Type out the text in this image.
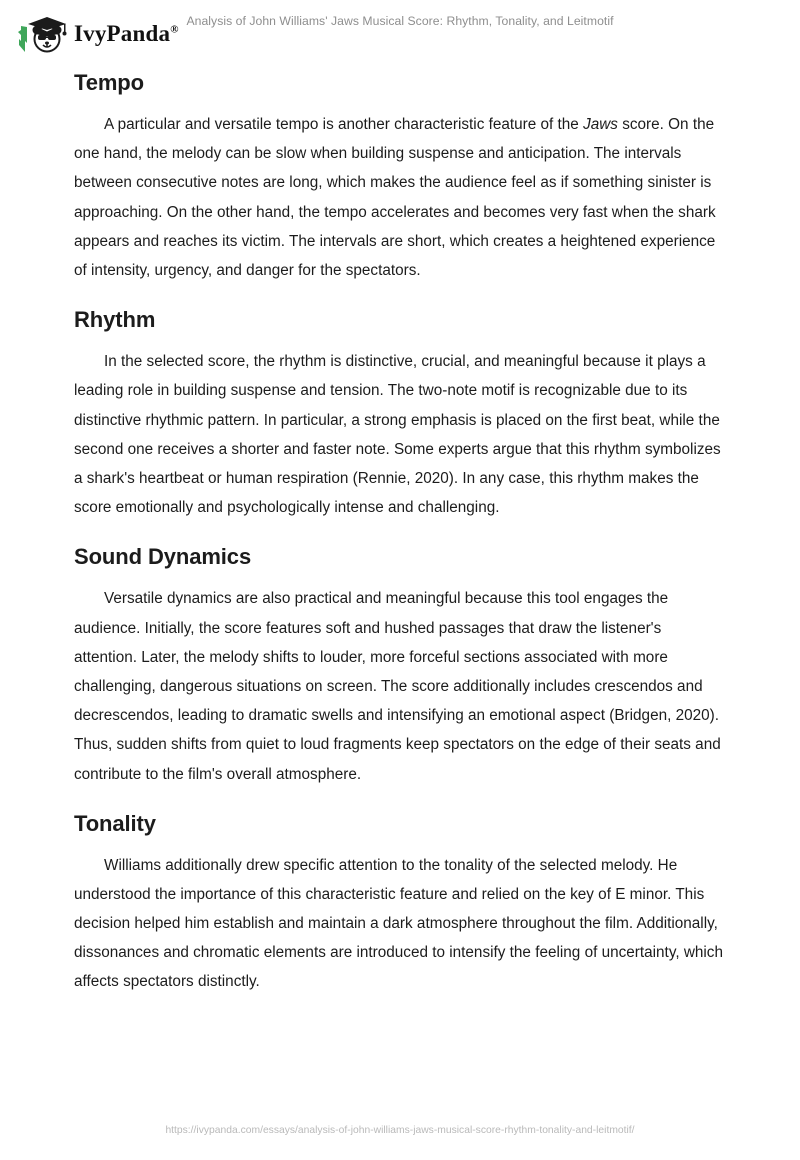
IvyPanda®
Analysis of John Williams' Jaws Musical Score: Rhythm, Tonality, and Leitmotif
Tempo

A particular and versatile tempo is another characteristic feature of the Jaws score. On the one hand, the melody can be slow when building suspense and anticipation. The intervals between consecutive notes are long, which makes the audience feel as if something sinister is approaching. On the other hand, the tempo accelerates and becomes very fast when the shark appears and reaches its victim. The intervals are short, which creates a heightened experience of intensity, urgency, and danger for the spectators.

Rhythm

In the selected score, the rhythm is distinctive, crucial, and meaningful because it plays a leading role in building suspense and tension. The two-note motif is recognizable due to its distinctive rhythmic pattern. In particular, a strong emphasis is placed on the first beat, while the second one receives a shorter and faster note. Some experts argue that this rhythm symbolizes a shark's heartbeat or human respiration (Rennie, 2020). In any case, this rhythm makes the score emotionally and psychologically intense and challenging.

Sound Dynamics

Versatile dynamics are also practical and meaningful because this tool engages the audience. Initially, the score features soft and hushed passages that draw the listener's attention. Later, the melody shifts to louder, more forceful sections associated with more challenging, dangerous situations on screen. The score additionally includes crescendos and decrescendos, leading to dramatic swells and intensifying an emotional aspect (Bridgen, 2020). Thus, sudden shifts from quiet to loud fragments keep spectators on the edge of their seats and contribute to the film's overall atmosphere.

Tonality

Williams additionally drew specific attention to the tonality of the selected melody. He understood the importance of this characteristic feature and relied on the key of E minor. This decision helped him establish and maintain a dark atmosphere throughout the film. Additionally, dissonances and chromatic elements are introduced to intensify the feeling of uncertainty, which affects spectators distinctly.

https://ivypanda.com/essays/analysis-of-john-williams-jaws-musical-score-rhythm-tonality-and-leitmotif/
